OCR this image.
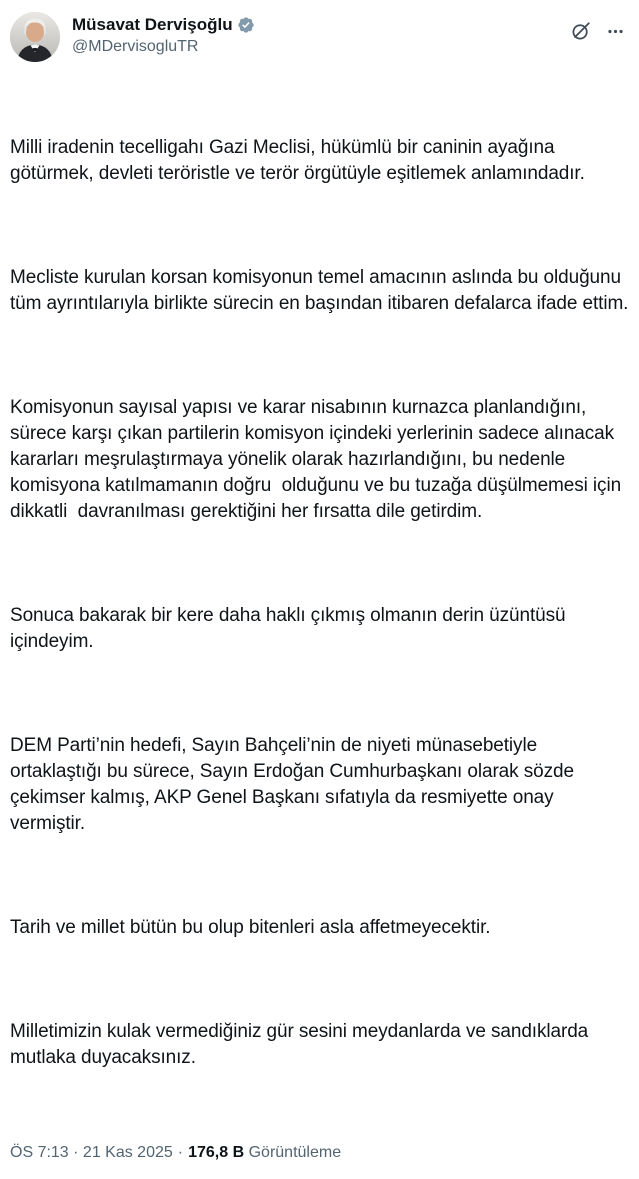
Müsavat Dervişoğlu
@MDervisogluTR

Milli iradenin tecelligahı Gazi Meclisi, hükümlü bir caninin ayağına götürmek, devleti teröristle ve terör örgütüyle eşitlemek anlamındadır.

Mecliste kurulan korsan komisyonun temel amacının aslında bu olduğunu tüm ayrıntılarıyla birlikte sürecin en başından itibaren defalarca ifade ettim.

Komisyonun sayısal yapısı ve karar nisabının kurnazca planlandığını, sürece karşı çıkan partilerin komisyon içindeki yerlerinin sadece alınacak kararları meşrulaştırmaya yönelik olarak hazırlandığını, bu nedenle komisyona katılmamanın doğru  olduğunu ve bu tuzağa düşülmemesi için dikkatli  davranılması gerektiğini her fırsatta dile getirdim.

Sonuca bakarak bir kere daha haklı çıkmış olmanın derin üzüntüsü içindeyim.

DEM Parti’nin hedefi, Sayın Bahçeli’nin de niyeti münasebetiyle ortaklaştığı bu sürece, Sayın Erdoğan Cumhurbaşkanı olarak sözde çekimser kalmış, AKP Genel Başkanı sıfatıyla da resmiyette onay vermiştir.

Tarih ve millet bütün bu olup bitenleri asla affetmeyecektir.

Milletimizin kulak vermediğiniz gür sesini meydanlarda ve sandıklarda mutlaka duyacaksınız.

ÖS 7:13 · 21 Kas 2025 · 176,8 B Görüntüleme
